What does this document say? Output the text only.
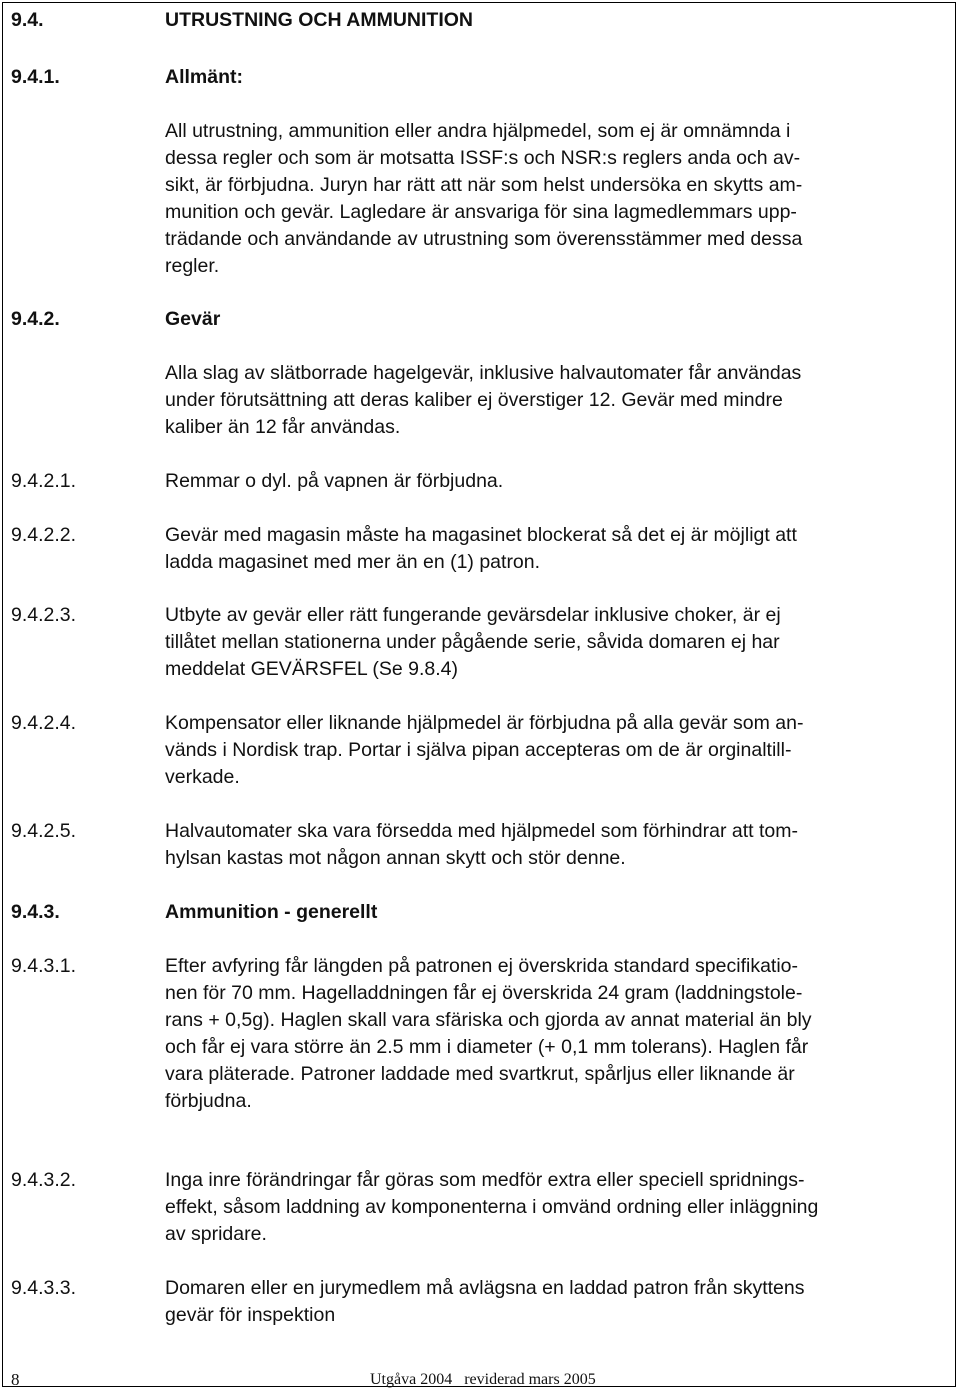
9.4.	UTRUSTNING OCH AMMUNITION
9.4.1.	Allmänt:
All utrustning, ammunition eller andra hjälpmedel, som ej är omnämnda i
dessa regler och som är motsatta ISSF:s och NSR:s reglers anda och av-
sikt, är förbjudna. Juryn har rätt att när som helst undersöka en skytts am-
munition och gevär. Lagledare är ansvariga för sina lagmedlemmars upp-
trädande och användande av utrustning som överensstämmer med dessa
regler.
9.4.2.	Gevär
Alla slag av slätborrade hagelgevär, inklusive halvautomater får användas
under förutsättning att deras kaliber ej överstiger 12. Gevär med mindre
kaliber än 12 får användas.
9.4.2.1.	Remmar o dyl. på vapnen är förbjudna.
9.4.2.2.	Gevär med magasin måste ha magasinet blockerat så det ej är möjligt att
ladda magasinet med mer än en (1) patron.
9.4.2.3.	Utbyte av gevär eller rätt fungerande gevärsdelar inklusive choker, är ej
tillåtet mellan stationerna under pågående serie, såvida domaren ej har
meddelat GEVÄRSFEL (Se 9.8.4)
9.4.2.4.	Kompensator eller liknande hjälpmedel är förbjudna på alla gevär som an-
vänds i Nordisk trap. Portar i själva pipan accepteras om de är orginaltill-
verkade.
9.4.2.5.	Halvautomater ska vara försedda med hjälpmedel som förhindrar att tom-
hylsan kastas mot någon annan skytt och stör denne.
9.4.3.	Ammunition - generellt
9.4.3.1.	Efter avfyring får längden på patronen ej överskrida standard specifikatio-
nen för 70 mm. Hagelladdningen får ej överskrida 24 gram (laddningstole-
rans + 0,5g). Haglen skall vara sfäriska och gjorda av annat material än bly
och får ej vara större än 2.5 mm i diameter (+ 0,1 mm tolerans). Haglen får
vara pläterade. Patroner laddade med svartkrut, spårljus eller liknande är
förbjudna.
9.4.3.2.	Inga inre förändringar får göras som medför extra eller speciell spridnings-
effekt, såsom laddning av komponenterna i omvänd ordning eller inläggning
av spridare.
9.4.3.3.	Domaren eller en jurymedlem må avlägsna en laddad patron från skyttens
gevär för inspektion
8	Utgåva 2004   reviderad mars 2005
